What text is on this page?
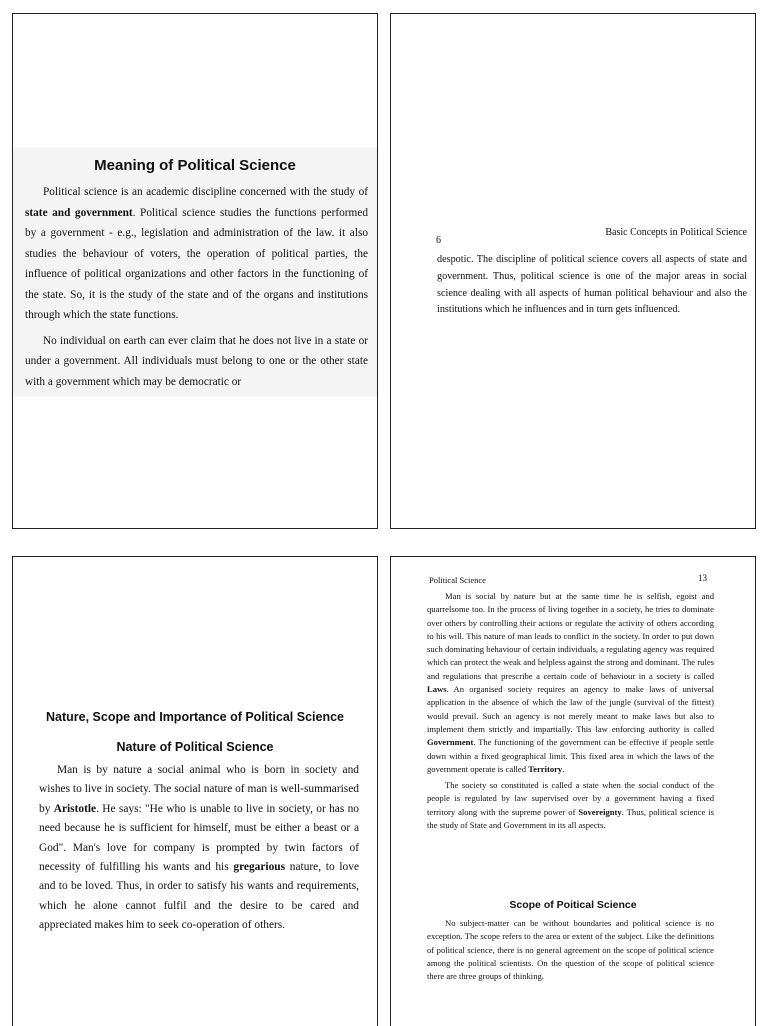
Meaning of Political Science

Political science is an academic discipline concerned with the study of state and government. Political science studies the functions performed by a government - e.g., legislation and administration of the law. it also studies the behaviour of voters, the operation of political parties, the influence of political organizations and other factors in the functioning of the state. So, it is the study of the state and of the organs and institutions through which the state functions.

No individual on earth can ever claim that he does not live in a state or under a government. All individuals must belong to one or the other state with a government which may be democratic or

6
Basic Concepts in Political Science

despotic. The discipline of political science covers all aspects of state and government. Thus, political science is one of the major areas in social science dealing with all aspects of human political behaviour and also the institutions which he influences and in turn gets influenced.

Nature, Scope and Importance of Political Science
Nature of Political Science

Man is by nature a social animal who is born in society and wishes to live in society. The social nature of man is well-summarised by Aristotle. He says: "He who is unable to live in society, or has no need because he is sufficient for himself, must be either a beast or a God". Man's love for company is prompted by twin factors of necessity of fulfilling his wants and his gregarious nature, to love and to be loved. Thus, in order to satisfy his wants and requirements, which he alone cannot fulfil and the desire to be cared and appreciated makes him to seek co-operation of others.

Political Science	13

Man is social by nature but at the same time he is selfish, egoist and quarrelsome too. In the process of living together in a society, he tries to dominate over others by controlling their actions or regulate the activity of others according to his will. This nature of man leads to conflict in the society. In order to put down such dominating behaviour of certain individuals, a regulating agency was required which can protect the weak and helpless against the strong and dominant. The rules and regulations that prescribe a certain code of behaviour in a society is called Laws. An organised society requires an agency to make laws of universal application in the absence of which the law of the jungle (survival of the fittest) would prevail. Such an agency is not merely meant to make laws but also to implement them strictly and impartially. This law enforcing authority is called Government. The functioning of the government can be effective if people settle down within a fixed geographical limit. This fixed area in which the laws of the government operate is called Territory.

The society so constituted is called a state when the social conduct of the people is regulated by law supervised over by a government having a fixed territory along with the supreme power of Sovereignty. Thus, political science is the study of State and Government in its all aspects.

Scope of Poitical Science

No subject-matter can be without boundaries and political science is no exception. The scope refers to the area or extent of the subject. Like the definitions of political science, there is no general agreement on the scope of political science among the political scientists. On the question of the scope of political science there are three groups of thinking.
